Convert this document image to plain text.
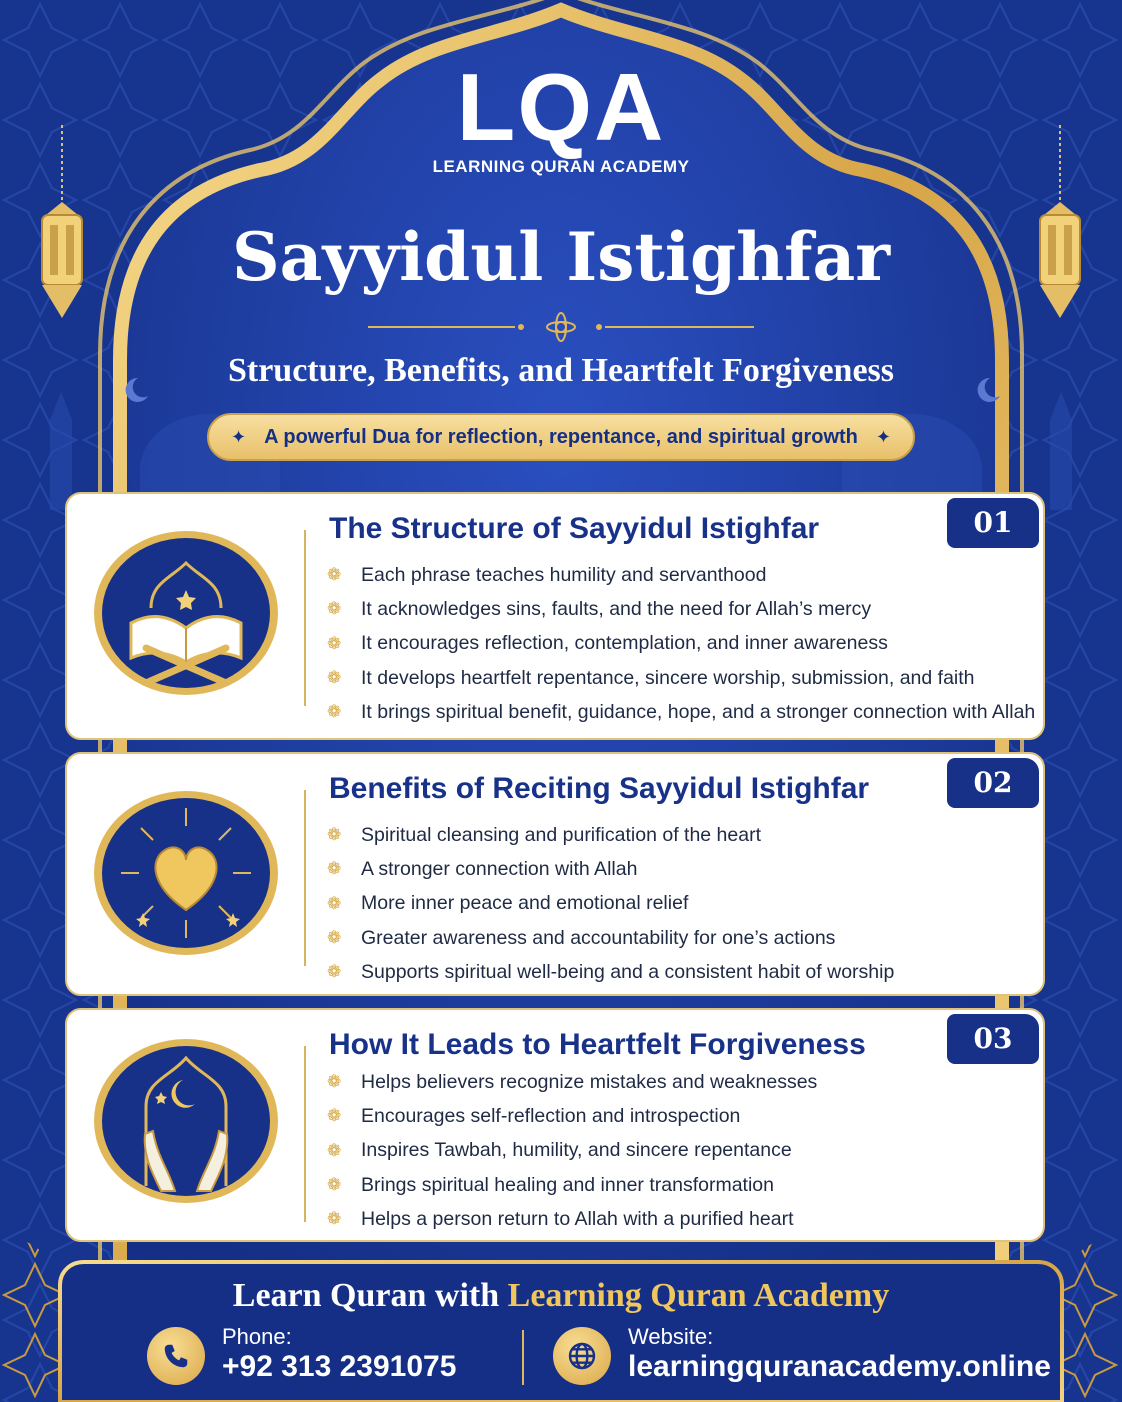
LQA
LEARNING QURAN ACADEMY
Sayyidul Istighfar
Structure, Benefits, and Heartfelt Forgiveness
✦ A powerful Dua for reflection, repentance, and spiritual growth ✦
The Structure of Sayyidul Istighfar	01
❁ Each phrase teaches humility and servanthood
❁ It acknowledges sins, faults, and the need for Allah’s mercy
❁ It encourages reflection, contemplation, and inner awareness
❁ It develops heartfelt repentance, sincere worship, submission, and faith
❁ It brings spiritual benefit, guidance, hope, and a stronger connection with Allah
Benefits of Reciting Sayyidul Istighfar	02
❁ Spiritual cleansing and purification of the heart
❁ A stronger connection with Allah
❁ More inner peace and emotional relief
❁ Greater awareness and accountability for one’s actions
❁ Supports spiritual well-being and a consistent habit of worship
How It Leads to Heartfelt Forgiveness	03
❁ Helps believers recognize mistakes and weaknesses
❁ Encourages self-reflection and introspection
❁ Inspires Tawbah, humility, and sincere repentance
❁ Brings spiritual healing and inner transformation
❁ Helps a person return to Allah with a purified heart
Learn Quran with Learning Quran Academy
Phone:
+92 313 2391075
Website:
learningquranacademy.online
